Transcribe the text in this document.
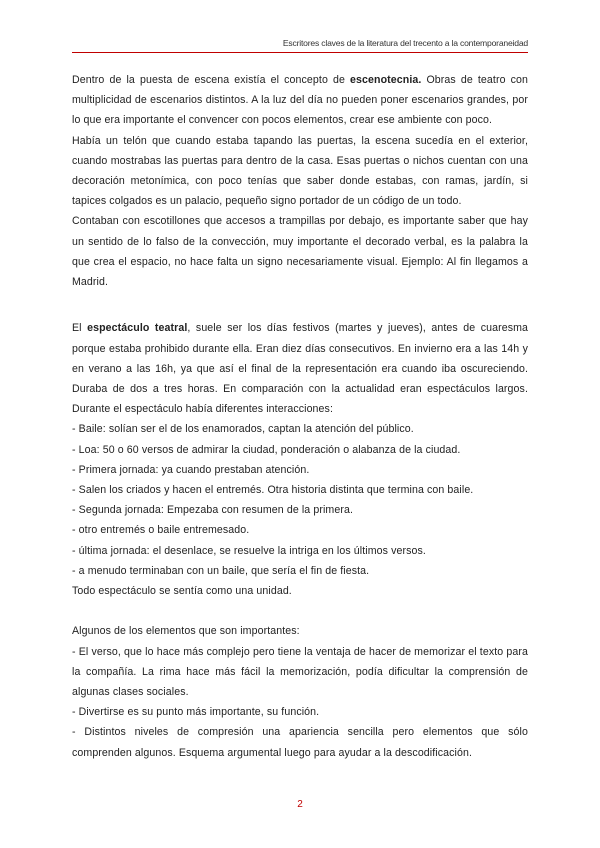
Escritores claves de la literatura del trecento a la contemporaneidad

Dentro de la puesta de escena existía el concepto de escenotecnia. Obras de teatro con multiplicidad de escenarios distintos. A la luz del día no pueden poner escenarios grandes, por lo que era importante el convencer con pocos elementos, crear ese ambiente con poco.

Había un telón que cuando estaba tapando las puertas, la escena sucedía en el exterior, cuando mostrabas las puertas para dentro de la casa. Esas puertas o nichos cuentan con una decoración metonímica, con poco tenías que saber donde estabas, con ramas, jardín, si tapices colgados es un palacio, pequeño signo portador de un código de un todo.

Contaban con escotillones que accesos a trampillas por debajo, es importante saber que hay un sentido de lo falso de la convección, muy importante el decorado verbal, es la palabra la que crea el espacio, no hace falta un signo necesariamente visual. Ejemplo: Al fin llegamos a Madrid.

El espectáculo teatral, suele ser los días festivos (martes y jueves), antes de cuaresma porque estaba prohibido durante ella. Eran diez días consecutivos. En invierno era a las 14h y en verano a las 16h, ya que así el final de la representación era cuando iba oscureciendo. Duraba de dos a tres horas. En comparación con la actualidad eran espectáculos largos. Durante el espectáculo había diferentes interacciones:

- Baile: solían ser el de los enamorados, captan la atención del público.

- Loa: 50 o 60 versos de admirar la ciudad, ponderación o alabanza de la ciudad.

- Primera jornada: ya cuando prestaban atención.

- Salen los criados y hacen el entremés. Otra historia distinta que termina con baile.

- Segunda jornada: Empezaba con resumen de la primera.

- otro entremés o baile entremesado.

- última jornada: el desenlace, se resuelve la intriga en los últimos versos.

- a menudo terminaban con un baile, que sería el fin de fiesta.

Todo espectáculo se sentía como una unidad.

Algunos de los elementos que son importantes:

- El verso, que lo hace más complejo pero tiene la ventaja de hacer de memorizar el texto para la compañía. La rima hace más fácil la memorización, podía dificultar la comprensión de algunas clases sociales.

- Divertirse es su punto más importante, su función.

- Distintos niveles de compresión una apariencia sencilla pero elementos que sólo comprenden algunos. Esquema argumental luego para ayudar a la descodificación.

2
